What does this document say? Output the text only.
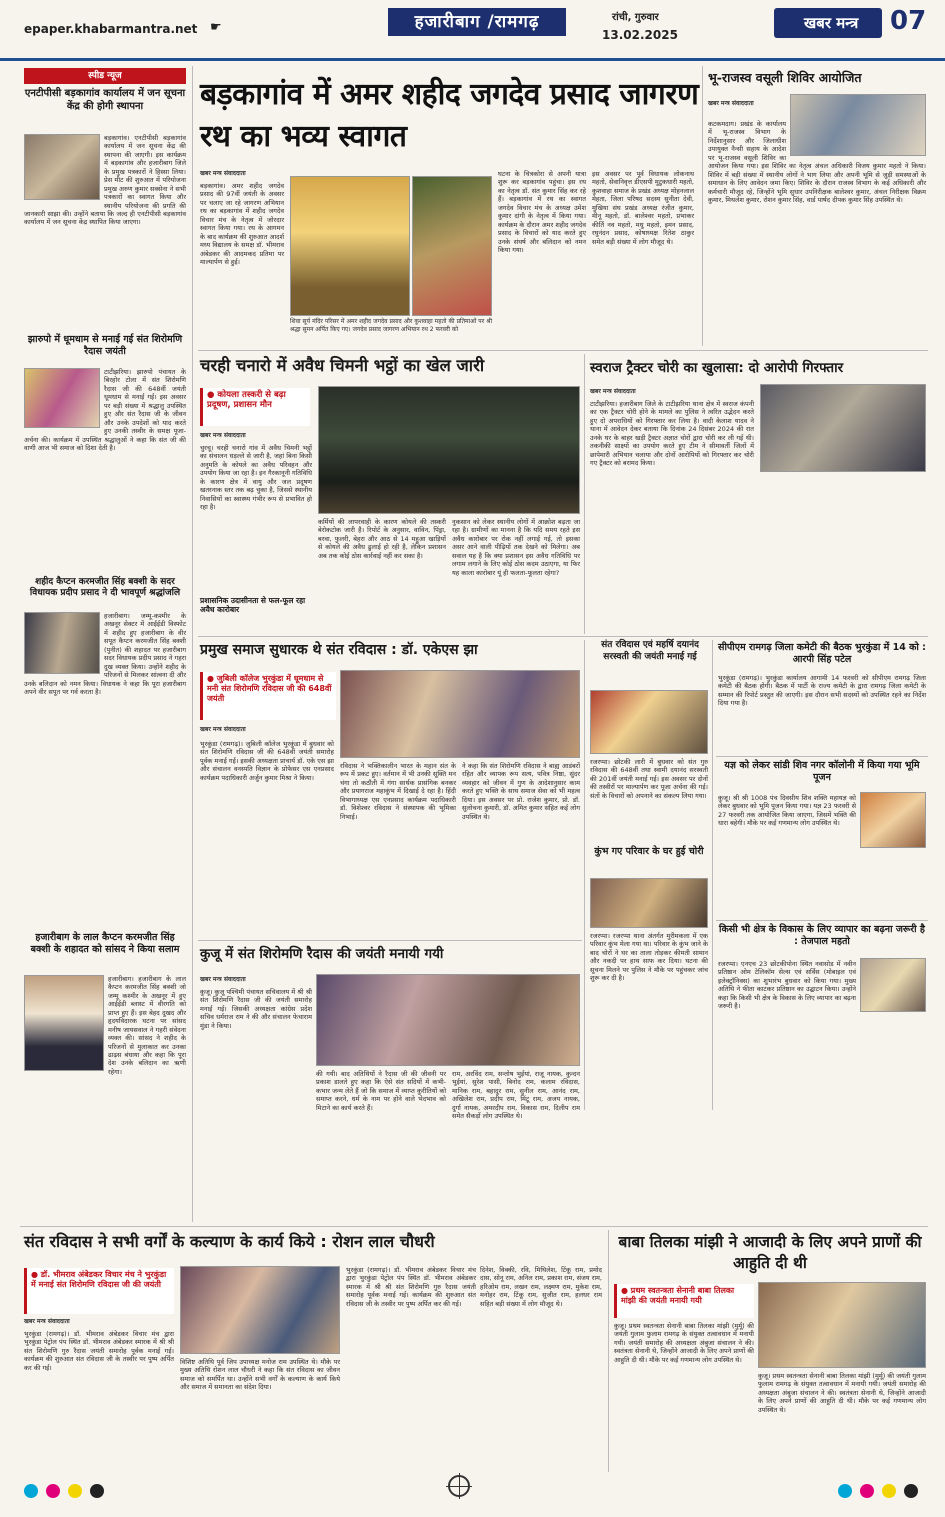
epaper.khabarmantra.net ☛	हजारीबाग /रामगढ़	रांची, गुरुवार
13.02.2025
खबर मन्त्र	07
स्पीड न्यूज
एनटीपीसी बड़कागांव कार्यालय में जन सूचना केंद्र की होगी स्थापना
बड़कागांव। एनटीपीसी बड़कागांव कार्यालय में जन सूचना केंद्र की स्थापना की जाएगी। इस कार्यक्रम में बड़कागांव और हजारीबाग जिले के प्रमुख पत्रकारों ने हिस्सा लिया। प्रेस मीट की शुरुआत में परियोजना प्रमुख अरुण कुमार सक्सेना ने सभी पत्रकारों का स्वागत किया और स्थानीय परियोजना की प्रगति की जानकारी साझा की। उन्होंने बताया कि जल्द ही एनटीपीसी बड़कागांव कार्यालय में जन सूचना केंद्र स्थापित किया जाएगा।
झारुपो में धूमधाम से मनाई गई संत शिरोमणि रैदास जयंती
टाटीझरिया। झारुपो पंचायत के बिरहोर टोला में संत शिरोमणि रैदास जी की 648वीं जयंती धूमधाम से मनाई गई। इस अवसर पर बड़ी संख्या में श्रद्धालु उपस्थित हुए और संत रैदास जी के जीवन और उनके उपदेशों को याद करते हुए उनकी तस्वीर के समक्ष पूजा-अर्चना की। कार्यक्रम में उपस्थित श्रद्धालुओं ने कहा कि संत जी की वाणी आज भी समाज को दिशा देती है।
शहीद कैप्टन करमजीत सिंह बक्शी के सदर विधायक प्रदीप प्रसाद ने दी भावपूर्ण श्रद्धांजलि
हजारीबाग। जम्मू-कश्मीर के अखनूर सेक्टर में आईईडी विस्फोट में शहीद हुए हजारीबाग के वीर सपूत कैप्टन करमजीत सिंह बक्शी (पुनीत) की शहादत पर हजारीबाग सदर विधायक प्रदीप प्रसाद ने गहरा दुख व्यक्त किया। उन्होंने शहीद के परिजनों से मिलकर सांत्वना दी और उनके बलिदान को नमन किया। विधायक ने कहा कि पूरा हजारीबाग अपने वीर सपूत पर गर्व करता है।
हजारीबाग के लाल कैप्टन करमजीत सिंह बक्शी के शहादत को सांसद ने किया सलाम
हजारीबाग। हजारीबाग के लाल कैप्टन करमजीत सिंह बक्शी जो जम्मू कश्मीर के अखनूर में हुए आईईडी ब्लास्ट में वीरगति को प्राप्त हुए हैं। इस बेहद दुखद और हृदयविदारक घटना पर सांसद मनीष जायसवाल ने गहरी संवेदना व्यक्त की। सांसद ने शहीद के परिजनों से मुलाकात कर उनका ढाढ़स बंधाया और कहा कि पूरा देश उनके बलिदान का ऋणी रहेगा।
बड़कागांव में अमर शहीद जगदेव प्रसाद जागरण रथ का भव्य स्वागत
खबर मन्त्र संवाददाता
बड़कागांव। अमर शहीद जगदेव प्रसाद की 97वीं जयंती के अवसर पर चलाए जा रहे जागरण अभियान रथ का बड़कागांव में शहीद जगदेव विचार मंच के नेतृत्व में जोरदार स्वागत किया गया। रथ के आगमन के बाद कार्यक्रम की शुरुआत आदर्श मध्य विद्यालय के समक्ष डॉ. भीमराव अंबेडकर की आदमकद प्रतिमा पर माल्यार्पण से हुई।
शिवा सूर्य मंदिर परिसर में अमर शहीद जगदेव प्रसाद और कुशवाहा महतो की प्रतिमाओं पर श्री श्रद्धा सुमन अर्पित किए गए। जगदेव प्रसाद जागरण अभियान रथ 2 फरवरी को
घटना के चित्रकोरा से अपनी यात्रा शुरू कर बड़कागांव पहुंचा। इस रथ का नेतृत्व डॉ. संत कुमार सिंह कर रहे हैं। बड़कागांव में रथ का स्वागत जगदेव विचार मंच के अध्यक्ष उमेश कुमार दांगी के नेतृत्व में किया गया। कार्यक्रम के दौरान अमर शहीद जगदेव प्रसाद के विचारों को याद करते हुए उनके संघर्ष और बलिदान को नमन किया गया।
इस अवसर पर पूर्व विधायक लोकनाथ महतो, सेवानिवृत्त डीएसपी मुटुकधारी महतो, कुशवाहा समाज के प्रखंड अध्यक्ष मोहनलाल मेहता, जिला परिषद सदस्य सुनीता देवी, मुखिया संघ प्रखंड अध्यक्ष रंजीत कुमार, मीनू महतो, डॉ. बालेश्वर महतो, प्रभाकर कीर्ति नव महतो, मधु महतो, इमन प्रसाद, रघुनंदन प्रसाद, कोषाध्यक्ष रितेश ठाकुर समेत बड़ी संख्या में लोग मौजूद थे।
भू-राजस्व वसूली शिविर आयोजित
खबर मन्त्र संवाददाता
कटकमदाग। प्रखंड के कार्यालय में भू-राजस्व विभाग के निर्देशानुसार और जिलाधीश उपायुक्त नैन्सी सहाय के आदेश पर भू-राजस्व वसूली शिविर का आयोजन किया गया। इस शिविर का नेतृत्व अंचल अधिकारी विजय कुमार महतो ने किया। शिविर में बड़ी संख्या में स्थानीय लोगों ने भाग लिया और अपनी भूमि से जुड़ी समस्याओं के समाधान के लिए आवेदन जमा किए। शिविर के दौरान राजस्व विभाग के कई अधिकारी और कर्मचारी मौजूद रहे, जिन्होंने भूमि सुधार उपनिरीक्षक बालेश्वर कुमार, अंचल निरीक्षक विक्रम कुमार, मिथलेश कुमार, रोशन कुमार सिंह, वार्ड पार्षद दीपक कुमार सिंह उपस्थित थे।
चरही चनारो में अवैध चिमनी भट्ठों का खेल जारी
● कोयला तस्करी से बढ़ा प्रदूषण, प्रशासन मौन
खबर मन्त्र संवाददाता
चुरचू। चरही चनारो गांव में अवैध चिमनी भट्ठों का संचालन धड़ल्ले से जारी है, जहां बिना किसी अनुमति के कोयले का अवैध परिवहन और उपयोग किया जा रहा है। इन गैरकानूनी गतिविधि के कारण क्षेत्र में वायु और जल प्रदूषण खतरनाक स्तर तक बढ़ चुका है, जिससे स्थानीय निवासियों का स्वास्थ्य गंभीर रूप से प्रभावित हो रहा है।
प्रशासनिक उदासीनता से फल-फूल रहा अवैध कारोबार
कर्मियों की लापरवाही के कारण कोयले की तस्करी बेरोकटोक जारी है। रिपोर्ट के अनुसार, वाविन, पिंड्रा, बरवा, फुलरी, बेहरा और आठ से 14 महुआ खाड़ियों से कोयले की अवैध ढुलाई हो रही है, लेकिन प्रशासन अब तक कोई ठोस कार्रवाई नहीं कर सका है।
नुकसान को लेकर स्थानीय लोगों में आक्रोश बढ़ता जा रहा है। ग्रामीणों का मानना है कि यदि समय रहते इस अवैध कारोबार पर रोक नहीं लगाई गई, तो इसका असर आने वाली पीढ़ियों तक देखने को मिलेगा। अब सवाल यह है कि क्या प्रशासन इस अवैध गतिविधि पर लगाम लगाने के लिए कोई ठोस कदम उठाएगा, या फिर यह काला कारोबार यूं ही फलता-फूलता रहेगा?
स्वराज ट्रैक्टर चोरी का खुलासा: दो आरोपी गिरफ्तार
खबर मन्त्र संवाददाता
टाटीझरिया। हजारीबाग जिले के टाटीझरिया थाना क्षेत्र में स्वराज कंपनी का एक ट्रैक्टर चोरी होने के मामले का पुलिस ने त्वरित उद्भेदन करते हुए दो अपराधियों को गिरफ्तार कर लिया है। वादी केलाश यादव ने थाना में आवेदन देकर बताया कि दिनांक 24 दिसंबर 2024 की रात उनके घर के बाहर खड़ी ट्रैक्टर अज्ञात चोरों द्वारा चोरी कर ली गई थी। तकनीकी साक्ष्यों का उपयोग करते हुए टीम ने सीमावर्ती जिलों में छापेमारी अभियान चलाया और दोनों आरोपियों को गिरफ्तार कर चोरी गए ट्रैक्टर को बरामद किया।
प्रमुख समाज सुधारक थे संत रविदास : डॉ. एकेएस झा
● जुबिली कॉलेज भुरकुंडा में धूमधाम से मनी संत शिरोमणि रविदास जी की 648वीं जयंती
खबर मन्त्र संवाददाता
भुरकुंडा (रामगढ़)। जुबिली कॉलेज भुरकुंडा में बुधवार को संत शिरोमणि रविदास जी की 648वीं जयंती समारोह पूर्वक मनाई गई। इसकी अध्यक्षता प्राचार्य डॉ. एके एस झा और संचालन वनस्पति विज्ञान के प्रोफेसर एस एनप्रसाद कार्यक्रम पदाधिकारी अर्जुन कुमार मिश्रा ने किया।
रविदास ने भक्तिकालीन भारत के महान संत के रूप में प्रकट हुए। वर्तमान में भी उनकी सूक्ति मन चंगा तो कठौती में गंगा सार्थक प्रासंगिक बनकर और प्रयागराज महाकुंभ में दिखाई दे रहा है। हिंदी विभागाध्यक्ष एस एनप्रसाद कार्यक्रम पदाधिकारी डॉ. विशेश्वर रविदास ने संस्थापक की भूमिका निभाई।
ने कहा कि संत शिरोमणि रविदास ने बाह्य आडंबरों रहित और व्यापक रूप सत्य, पवित्र निष्ठा, सुंदर व्यवहार को जीवन में गुण के आदेशानुसार काम करते हुए भक्ति के साथ समाज सेवा को भी महत्व दिया। इस अवसर पर प्रो. राजेश कुमार, प्रो. डॉ. सुलोचना कुमारी, डॉ. अमित कुमार सहित कई लोग उपस्थित थे।
संत रविदास एवं महर्षि दयानंद सरस्वती की जयंती मनाई गई
रजरप्पा। छोटकी लारी में बुधवार को संत गुरु रविदास की 648वीं तथा स्वामी दयानंद सरस्वती की 201वीं जयंती मनाई गई। इस अवसर पर दोनों की तस्वीरों पर माल्यार्पण कर पूजा अर्चना की गई। संतों के विचारों को अपनाने का संकल्प लिया गया।
कुंभ गए परिवार के घर हुई चोरी
रजरप्पा। रजरप्पा थाना अंतर्गत मुरीमकला में एक परिवार कुंभ मेला गया था। परिवार के कुंभ जाने के बाद चोरों ने घर का ताला तोड़कर कीमती सामान और नकदी पर हाथ साफ कर दिया। घटना की सूचना मिलने पर पुलिस ने मौके पर पहुंचकर जांच शुरू कर दी है।
सीपीएम रामगढ़ जिला कमेटी की बैठक भुरकुंडा में 14 को : आरपी सिंह पटेल
भुरकुंडा (रामगढ़)। भुरकुंडा कार्यालय आगामी 14 फरवरी को सीपीएम रामगढ़ जिला कमेटी की बैठक होगी। बैठक में पार्टी के राज्य कमेटी के द्वारा रामगढ़ जिला कमेटी के सम्मान की रिपोर्ट प्रस्तुत की जाएगी। इस दौरान सभी सदस्यों को उपस्थित रहने का निर्देश दिया गया है।
यज्ञ को लेकर सांडी शिव नगर कॉलोनी में किया गया भूमि पूजन
कुजू। श्री श्री 1008 पंच दिवसीय शिव शक्ति महायज्ञ को लेकर बुधवार को भूमि पूजन किया गया। यज्ञ 23 फरवरी से 27 फरवरी तक आयोजित किया जाएगा, जिसमें भक्ति की धारा बहेगी। मौके पर कई गणमान्य लोग उपस्थित थे।
किसी भी क्षेत्र के विकास के लिए व्यापार का बढ़ना जरूरी है : तेजपाल महतो
रजरप्पा। एनएच 23 छोटकीपोना स्थित नवासोड में नवीन प्रतिष्ठान ओम टेलिकॉम सेल्स एवं सर्विस (मोबाइल एवं इलेक्ट्रॉनिक्स) का शुभारंभ बुधवार को किया गया। मुख्य अतिथि ने फीता काटकर प्रतिष्ठान का उद्घाटन किया। उन्होंने कहा कि किसी भी क्षेत्र के विकास के लिए व्यापार का बढ़ना जरूरी है।
कुजू में संत शिरोमणि रैदास की जयंती मनायी गयी
खबर मन्त्र संवाददाता
कुजू। कुजू पश्चिमी पंचायत सचिवालय में श्री श्री संत शिरोमणि रैदास जी की जयंती समारोह मनाई गई। जिसकी अध्यक्षता कांग्रेस प्रदेश सचिव धर्मराज राम ने की और संचालन फेचाराम मुंडा ने किया।
की गयी। बाद अतिथियों ने रैदास जी की जीवनी पर प्रकाश डालते हुए कहा कि ऐसे संत सदियों में कभी-कभार जन्म लेते हैं जो कि समाज में व्याप्त कुरीतियों को समाप्त करने, धर्म के नाम पर होने वाले भेदभाव को मिटाने का कार्य करते हैं।
राम, अरविंद राम, सन्तोष भुईयां, राजू नायक, कुन्दन भुईयां, सुरेश पासी, बिनोद राम, कलाम रविदास, मानिक राम, बहादुर राम, सुनील राम, आनंद राम, अखिलेश राम, प्रदीप राम, मिंटू राम, अजय नायक, दुर्गा नायक, अमरदीप राम, विकास राम, दिलीप राम समेत सैकड़ों लोग उपस्थित थे।
संत रविदास ने सभी वर्गों के कल्याण के कार्य किये : रोशन लाल चौधरी
● डॉ. भीमराव अंबेडकर विचार मंच ने भुरकुंडा में मनाई संत शिरोमणि रविदास जी की जयंती
खबर मन्त्र संवाददाता
भुरकुंडा (रामगढ़)। डॉ. भीमराव अंबेडकर विचार मंच द्वारा भुरकुंडा पेट्रोल पंप स्थित डॉ. भीमराव अंबेडकर स्मारक में श्री श्री संत शिरोमणि गुरु रैदास जयंती समारोह पूर्वक मनाई गई। कार्यक्रम की शुरुआत संत रविदास जी के तस्वीर पर पुष्प अर्पित कर की गई।
विशिष्ट अतिथि पूर्व जिप उपाध्यक्ष मनोज राम उपस्थित थे। मौके पर मुख्य अतिथि रोशन लाल चौधरी ने कहा कि संत रविदास का जीवन समाज को समर्पित था। उन्होंने सभी वर्गों के कल्याण के कार्य किये और समाज में समानता का संदेश दिया।
भुरकुंडा (रामगढ़)। डॉ. भीमराव अंबेडकर विचार मंच द्वारा भुरकुंडा पेट्रोल पंप स्थित डॉ. भीमराव अंबेडकर स्मारक में श्री श्री संत शिरोमणि गुरु रैदास जयंती समारोह पूर्वक मनाई गई। कार्यक्रम की शुरुआत संत रविदास जी के तस्वीर पर पुष्प अर्पित कर की गई।
दिनेश, विक्की, रवि, मिथिलेश, टिंकू राम, प्रमोद दास, सोनू राम, अनिल राम, प्रकाश राम, संजय राम, हरिओम राम, लखन राम, लक्ष्मण राम, मुकेश राम, मनोहर राम, टिंकू राम, सुजीत राम, हलधर राम सहित बड़ी संख्या में लोग मौजूद थे।
बाबा तिलका मांझी ने आजादी के लिए अपने प्राणों की आहुति दी थी
● प्रथम स्वतन्त्रता सेनानी बाबा तिलका मांझी की जयंती मनायी गयी
कुजू। प्रथम स्वतन्त्रता सेनानी बाबा तिलका मांझी (मुर्मू) की जयंती गुलाम फुलाम रामगढ़ के संयुक्त तत्वावधान में मनायी गयी। जयंती समारोह की अध्यक्षता अंबुजा संचालन ने की। स्वतंत्रता सेनानी थे, जिन्होंने आजादी के लिए अपने प्राणों की आहुति दी थी। मौके पर कई गणमान्य लोग उपस्थित थे।
कुजू। प्रथम स्वतन्त्रता सेनानी बाबा तिलका मांझी (मुर्मू) की जयंती गुलाम फुलाम रामगढ़ के संयुक्त तत्वावधान में मनायी गयी। जयंती समारोह की अध्यक्षता अंबुजा संचालन ने की। स्वतंत्रता सेनानी थे, जिन्होंने आजादी के लिए अपने प्राणों की आहुति दी थी। मौके पर कई गणमान्य लोग उपस्थित थे।
